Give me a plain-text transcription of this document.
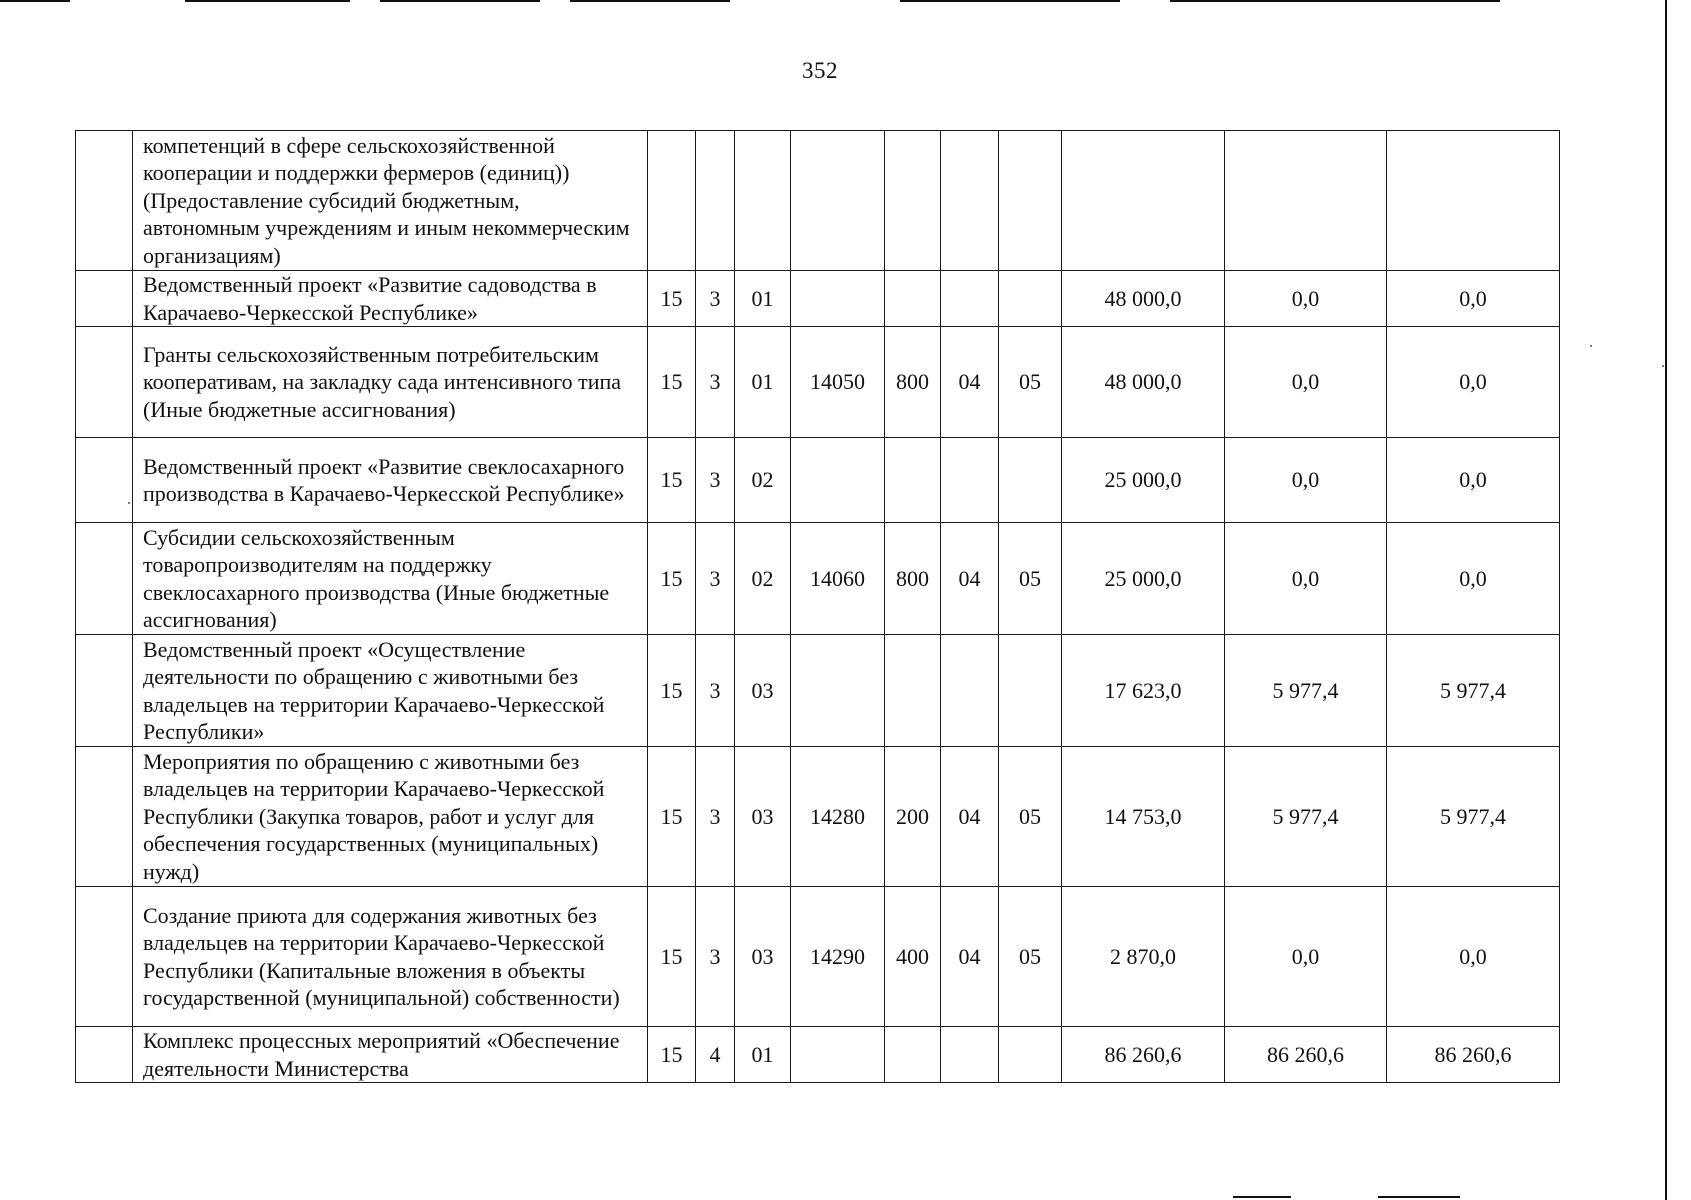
352
	компетенций в сфере сельскохозяйственной кооперации и поддержки фермеров (единиц)) (Предоставление субсидий бюджетным, автономным учреждениям и иным некоммерческим организациям)										
	Ведомственный проект «Развитие садоводства в Карачаево-Черкесской Республике»	15	3	01					48 000,0	0,0	0,0
	Гранты сельскохозяйственным потребительским кооперативам, на закладку сада интенсивного типа (Иные бюджетные ассигнования)	15	3	01	14050	800	04	05	48 000,0	0,0	0,0
	Ведомственный проект «Развитие свеклосахарного производства в Карачаево-Черкесской Республике»	15	3	02					25 000,0	0,0	0,0
	Субсидии сельскохозяйственным товаропроизводителям на поддержку свеклосахарного производства (Иные бюджетные ассигнования)	15	3	02	14060	800	04	05	25 000,0	0,0	0,0
	Ведомственный проект «Осуществление деятельности по обращению с животными без владельцев на территории Карачаево-Черкесской Республики»	15	3	03					17 623,0	5 977,4	5 977,4
	Мероприятия по обращению с животными без владельцев на территории Карачаево-Черкесской Республики (Закупка товаров, работ и услуг для обеспечения государственных (муниципальных) нужд)	15	3	03	14280	200	04	05	14 753,0	5 977,4	5 977,4
	Создание приюта для содержания животных без владельцев на территории Карачаево-Черкесской Республики (Капитальные вложения в объекты государственной (муниципальной) собственности)	15	3	03	14290	400	04	05	2 870,0	0,0	0,0
	Комплекс процессных мероприятий «Обеспечение деятельности Министерства	15	4	01					86 260,6	86 260,6	86 260,6
